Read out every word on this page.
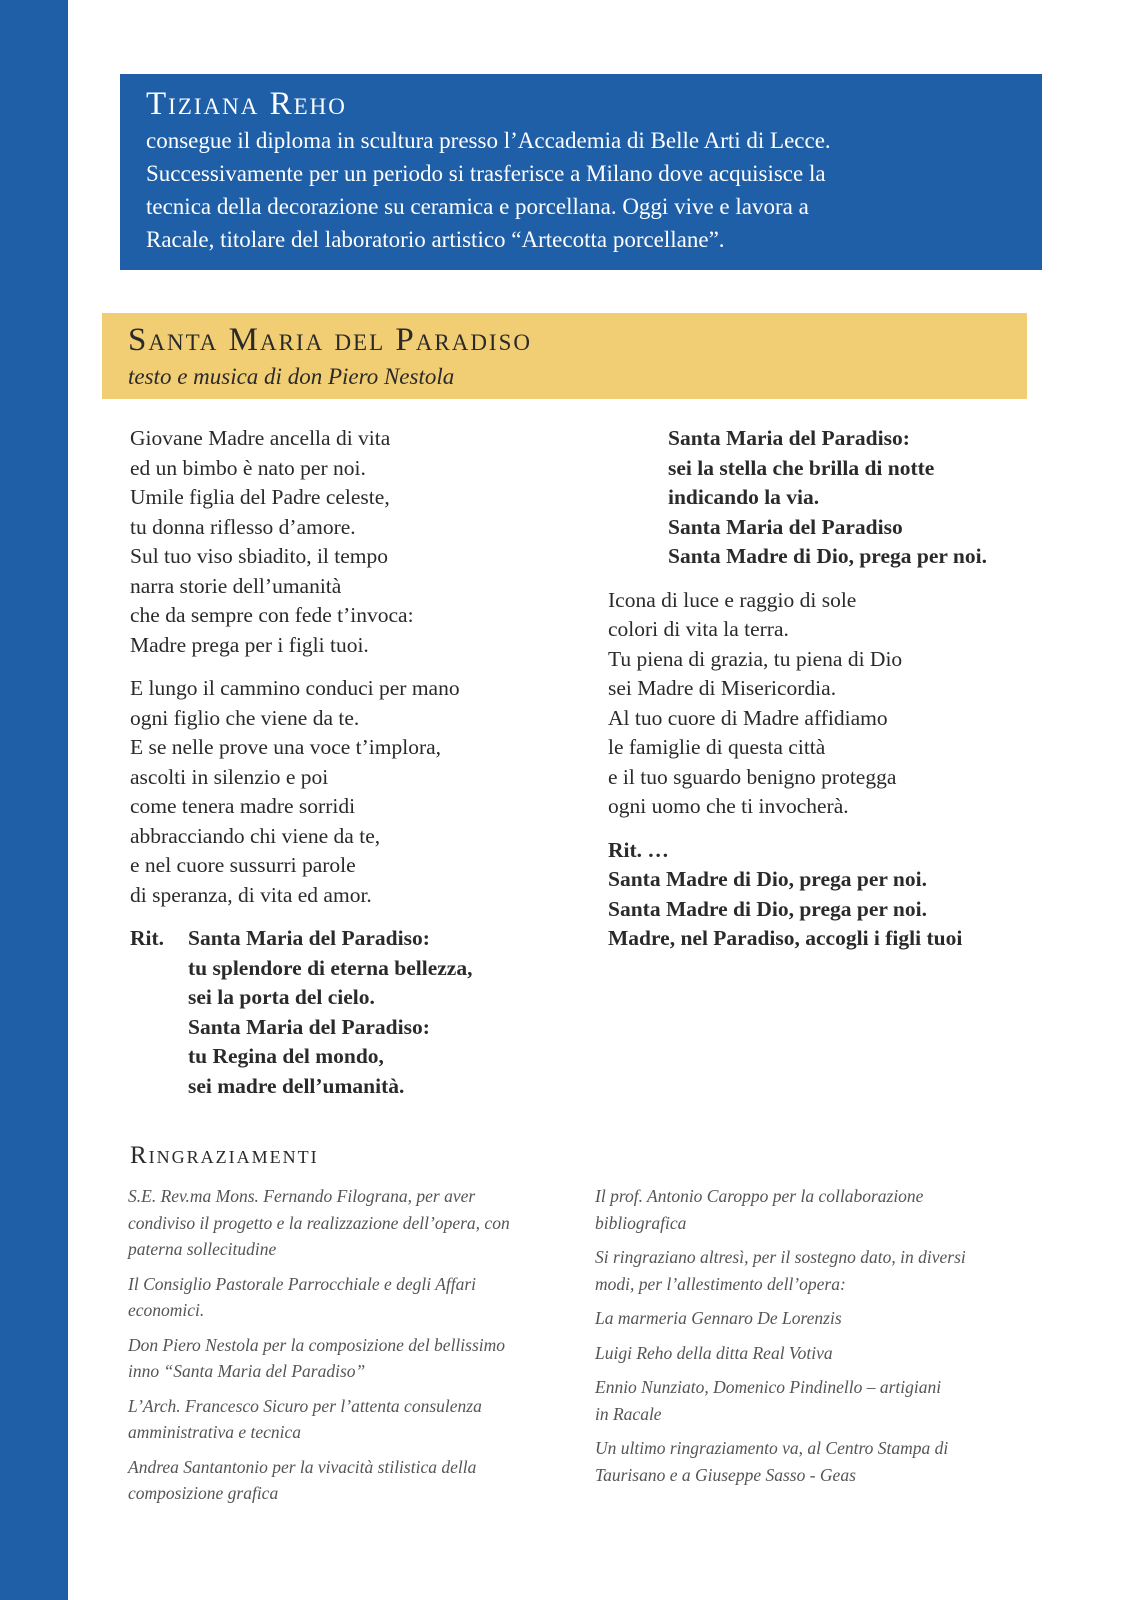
Tiziana Reho
consegue il diploma in scultura presso l’Accademia di Belle Arti di Lecce.
Successivamente per un periodo si trasferisce a Milano dove acquisisce la
tecnica della decorazione su ceramica e porcellana. Oggi vive e lavora a
Racale, titolare del laboratorio artistico “Artecotta porcellane”.
Santa Maria del Paradiso
testo e musica di don Piero Nestola
Giovane Madre ancella di vita
ed un bimbo è nato per noi.
Umile figlia del Padre celeste,
tu donna riflesso d’amore.
Sul tuo viso sbiadito, il tempo
narra storie dell’umanità
che da sempre con fede t’invoca:
Madre prega per i figli tuoi.
E lungo il cammino conduci per mano
ogni figlio che viene da te.
E se nelle prove una voce t’implora,
ascolti in silenzio e poi
come tenera madre sorridi
abbracciando chi viene da te,
e nel cuore sussurri parole
di speranza, di vita ed amor.
Rit.	Santa Maria del Paradiso:
tu splendore di eterna bellezza,
sei la porta del cielo.
Santa Maria del Paradiso:
tu Regina del mondo,
sei madre dell’umanità.
Santa Maria del Paradiso:
sei la stella che brilla di notte
indicando la via.
Santa Maria del Paradiso
Santa Madre di Dio, prega per noi.
Icona di luce e raggio di sole
colori di vita la terra.
Tu piena di grazia, tu piena di Dio
sei Madre di Misericordia.
Al tuo cuore di Madre affidiamo
le famiglie di questa città
e il tuo sguardo benigno protegga
ogni uomo che ti invocherà.
Rit. …
Santa Madre di Dio, prega per noi.
Santa Madre di Dio, prega per noi.
Madre, nel Paradiso, accogli i figli tuoi
Ringraziamenti
S.E. Rev.ma Mons. Fernando Filograna, per aver
condiviso il progetto e la realizzazione dell’opera, con
paterna sollecitudine
Il Consiglio Pastorale Parrocchiale e degli Affari
economici.
Don Piero Nestola per la composizione del bellissimo
inno “Santa Maria del Paradiso”
L’Arch. Francesco Sicuro per l’attenta consulenza
amministrativa e tecnica
Andrea Santantonio per la vivacità stilistica della
composizione grafica
Il prof. Antonio Caroppo per la collaborazione
bibliografica
Si ringraziano altresì, per il sostegno dato, in diversi
modi, per l’allestimento dell’opera:
La marmeria Gennaro De Lorenzis
Luigi Reho della ditta Real Votiva
Ennio Nunziato, Domenico Pindinello – artigiani
in Racale
Un ultimo ringraziamento va, al Centro Stampa di
Taurisano e a Giuseppe Sasso - Geas
